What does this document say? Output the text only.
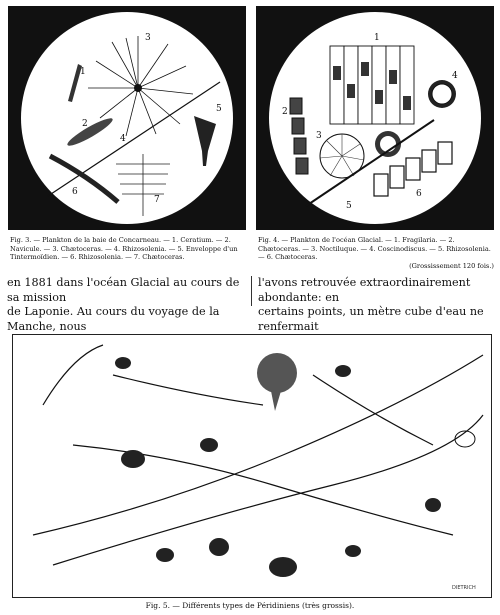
1
2
3
4
5
6
7
1
2
3
4
5
6
Fig. 3. — Plankton de la baie de Concarneau. — 1. Ceratium. — 2. Navicule. — 3. Chætoceras. — 4. Rhizosolenia. — 5. Enveloppe d'un Tintermoïdien. — 6. Rhizosolenia. — 7. Chætoceras.
Fig. 4. — Plankton de l'océan Glacial. — 1. Fragilaria. — 2. Chætoceras. — 3. Noctiluque. — 4. Coscinodiscus. — 5. Rhizosolenia. — 6. Chætoceras.
(Grossissement 120 fois.)
en 1881 dans l'océan Glacial au cours de sa mission
de Laponie. Au cours du voyage de la Manche, nous
l'avons retrouvée extraordinairement abondante: en
certains points, un mètre cube d'eau ne renfermait
DIETRICH
Fig. 5. — Différents types de Péridiniens (très grossis).
